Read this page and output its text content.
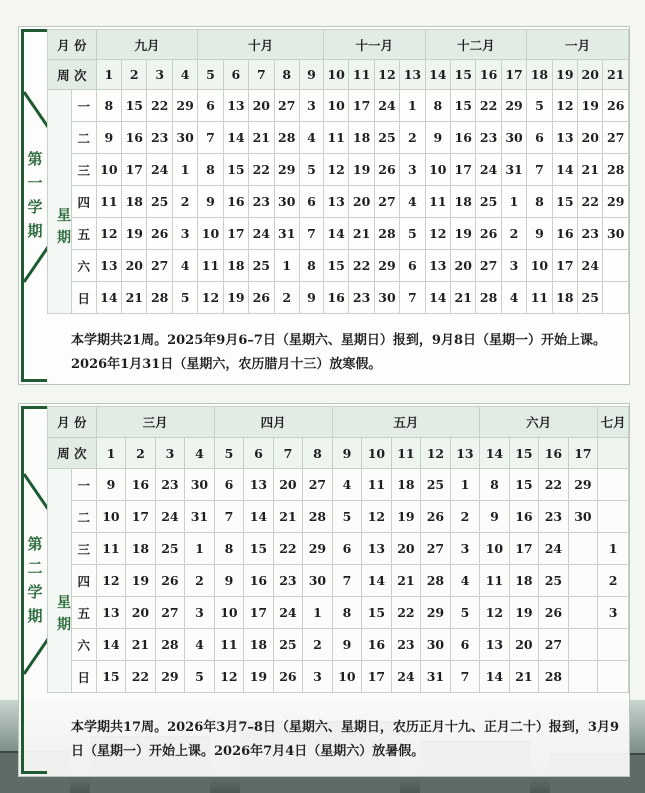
第
一
学
期
月 份		九月				十月					十一月				十二月				一月			
周 次		1	2	3	4	5	6	7	8	9	10	11	12	13	14	15	16	17	18	19	20	21
	一	8	15	22	29	6	13	20	27	3	10	17	24	1	8	15	22	29	5	12	19	26
	二	9	16	23	30	7	14	21	28	4	11	18	25	2	9	16	23	30	6	13	20	27
	三	10	17	24	1	8	15	22	29	5	12	19	26	3	10	17	24	31	7	14	21	28
	四	11	18	25	2	9	16	23	30	6	13	20	27	4	11	18	25	1	8	15	22	29
	五	12	19	26	3	10	17	24	31	7	14	21	28	5	12	19	26	2	9	16	23	30
	六	13	20	27	4	11	18	25	1	8	15	22	29	6	13	20	27	3	10	17	24	
	日	14	21	28	5	12	19	26	2	9	16	23	30	7	14	21	28	4	11	18	25	
本学期共21周。2025年9月6–7日（星期六、星期日）报到，9月8日（星期一）开始上课。2026年1月31日（星期六，农历腊月十三）放寒假。
星
期
第
二
学
期
月 份		三月				四月				五月					六月				七月
周 次		1	2	3	4	5	6	7	8	9	10	11	12	13	14	15	16	17	
	一	9	16	23	30	6	13	20	27	4	11	18	25	1	8	15	22	29	
	二	10	17	24	31	7	14	21	28	5	12	19	26	2	9	16	23	30	
	三	11	18	25	1	8	15	22	29	6	13	20	27	3	10	17	24		1
	四	12	19	26	2	9	16	23	30	7	14	21	28	4	11	18	25		2
	五	13	20	27	3	10	17	24	1	8	15	22	29	5	12	19	26		3
	六	14	21	28	4	11	18	25	2	9	16	23	30	6	13	20	27		
	日	15	22	29	5	12	19	26	3	10	17	24	31	7	14	21	28		
本学期共17周。2026年3月7–8日（星期六、星期日，农历正月十九、正月二十）报到，3月9日（星期一）开始上课。2026年7月4日（星期六）放暑假。
星
期
